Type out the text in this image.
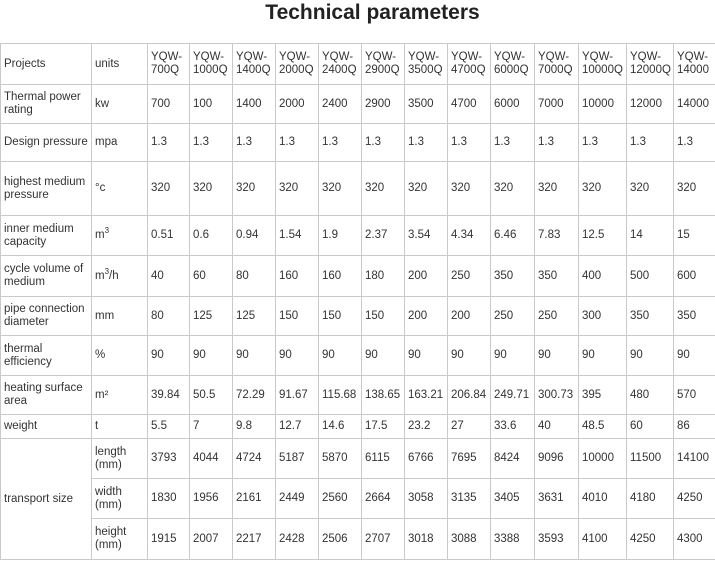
Technical parameters
Projects	units	YQW-700Q	YQW-1000Q	YQW-1400Q	YQW-2000Q	YQW-2400Q	YQW-2900Q	YQW-3500Q	YQW-4700Q	YQW-6000Q	YQW-7000Q	YQW-10000Q	YQW-12000Q	YQW-14000
Thermal power rating	kw	700	100	1400	2000	2400	2900	3500	4700	6000	7000	10000	12000	14000
Design pressure	mpa	1.3	1.3	1.3	1.3	1.3	1.3	1.3	1.3	1.3	1.3	1.3	1.3	1.3
highest medium pressure	°c	320	320	320	320	320	320	320	320	320	320	320	320	320
inner medium capacity	$m^3$	0.51	0.6	0.94	1.54	1.9	2.37	3.54	4.34	6.46	7.83	12.5	14	15
cycle volume of medium	$m^3/h$	40	60	80	160	160	180	200	250	350	350	400	500	600
pipe connection diameter	mm	80	125	125	150	150	150	200	200	250	250	300	350	350
thermal efficiency	%	90	90	90	90	90	90	90	90	90	90	90	90	90
heating surface area	m²	39.84	50.5	72.29	91.67	115.68	138.65	163.21	206.84	249.71	300.73	395	480	570
weight	t	5.5	7	9.8	12.7	14.6	17.5	23.2	27	33.6	40	48.5	60	86
transport size	length    (mm)	3793	4044	4724	5187	5870	6115	6766	7695	8424	9096	10000	11500	14100
	width   (mm)	1830	1956	2161	2449	2560	2664	3058	3135	3405	3631	4010	4180	4250
	height  (mm)	1915	2007	2217	2428	2506	2707	3018	3088	3388	3593	4100	4250	4300
